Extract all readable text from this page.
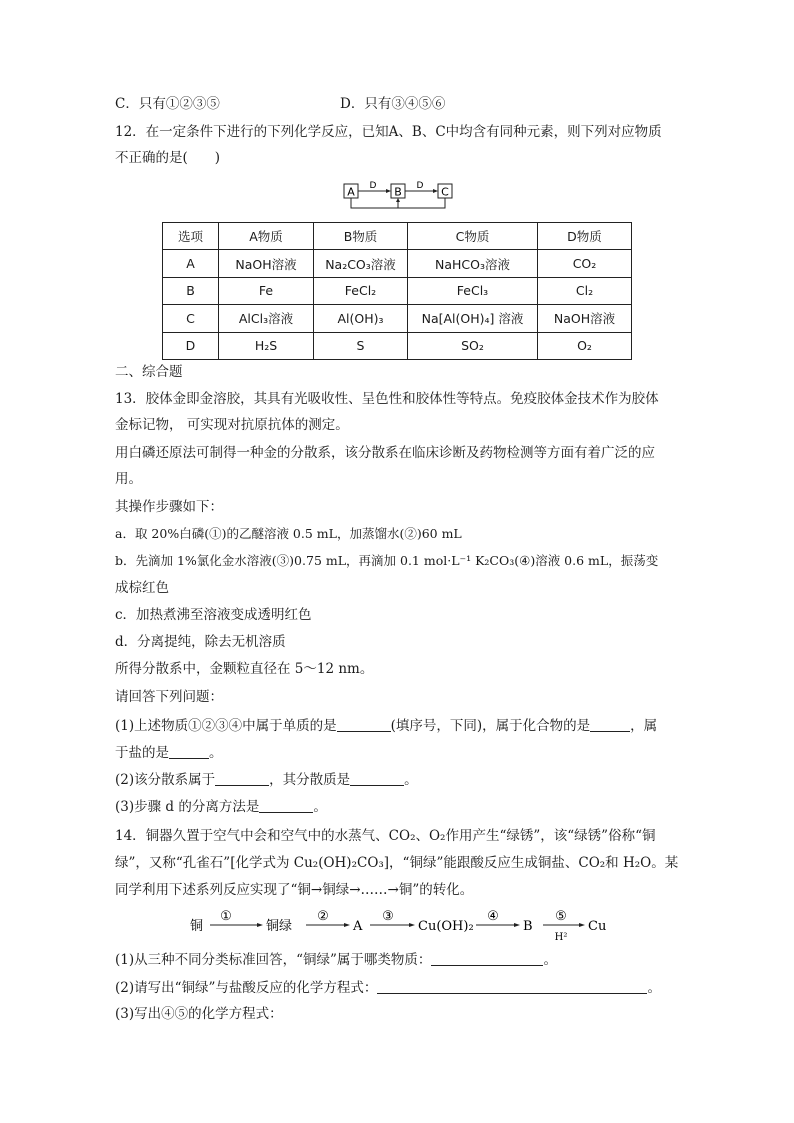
C．只有①②③⑤	D．只有③④⑤⑥
12．在一定条件下进行的下列化学反应，已知A、B、C中均含有同种元素，则下列对应物质
不正确的是(　　)
A	B	C
D	D
选项	A物质	B物质	C物质	D物质
A	NaOH溶液	Na₂CO₃溶液	NaHCO₃溶液	CO₂
B	Fe	FeCl₂	FeCl₃	Cl₂
C	AlCl₃溶液	Al(OH)₃	Na[Al(OH)₄] 溶液	NaOH溶液
D	H₂S	S	SO₂	O₂
二、综合题
13．胶体金即金溶胶，其具有光吸收性、呈色性和胶体性等特点。免疫胶体金技术作为胶体
金标记物， 可实现对抗原抗体的测定。
用白磷还原法可制得一种金的分散系，该分散系在临床诊断及药物检测等方面有着广泛的应
用。
其操作步骤如下：
a．取 20%白磷(①)的乙醚溶液 0.5 mL，加蒸馏水(②)60 mL
b．先滴加 1%氯化金水溶液(③)0.75 mL，再滴加 0.1 mol·L⁻¹ K₂CO₃(④)溶液 0.6 mL，振荡变
成棕红色
c．加热煮沸至溶液变成透明红色
d．分离提纯，除去无机溶质
所得分散系中，金颗粒直径在 5～12 nm。
请回答下列问题：
(1)上述物质①②③④中属于单质的是	(填序号，下同)，属于化合物的是	，属
于盐的是	。
(2)该分散系属于	，其分散质是	。
(3)步骤 d 的分离方法是	。
14．铜器久置于空气中会和空气中的水蒸气、CO₂、O₂作用产生“绿锈”，该“绿锈”俗称“铜
绿”，又称“孔雀石”[化学式为 Cu₂(OH)₂CO₃]，“铜绿”能跟酸反应生成铜盐、CO₂和 H₂O。某
同学利用下述系列反应实现了“铜→铜绿→……→铜”的转化。
铜
①
铜绿
②
A
③
Cu(OH)₂
④
B
⑤
H²
Cu
(1)从三种不同分类标准回答，“铜绿”属于哪类物质：	。
(2)请写出“铜绿”与盐酸反应的化学方程式：	。
(3)写出④⑤的化学方程式：
